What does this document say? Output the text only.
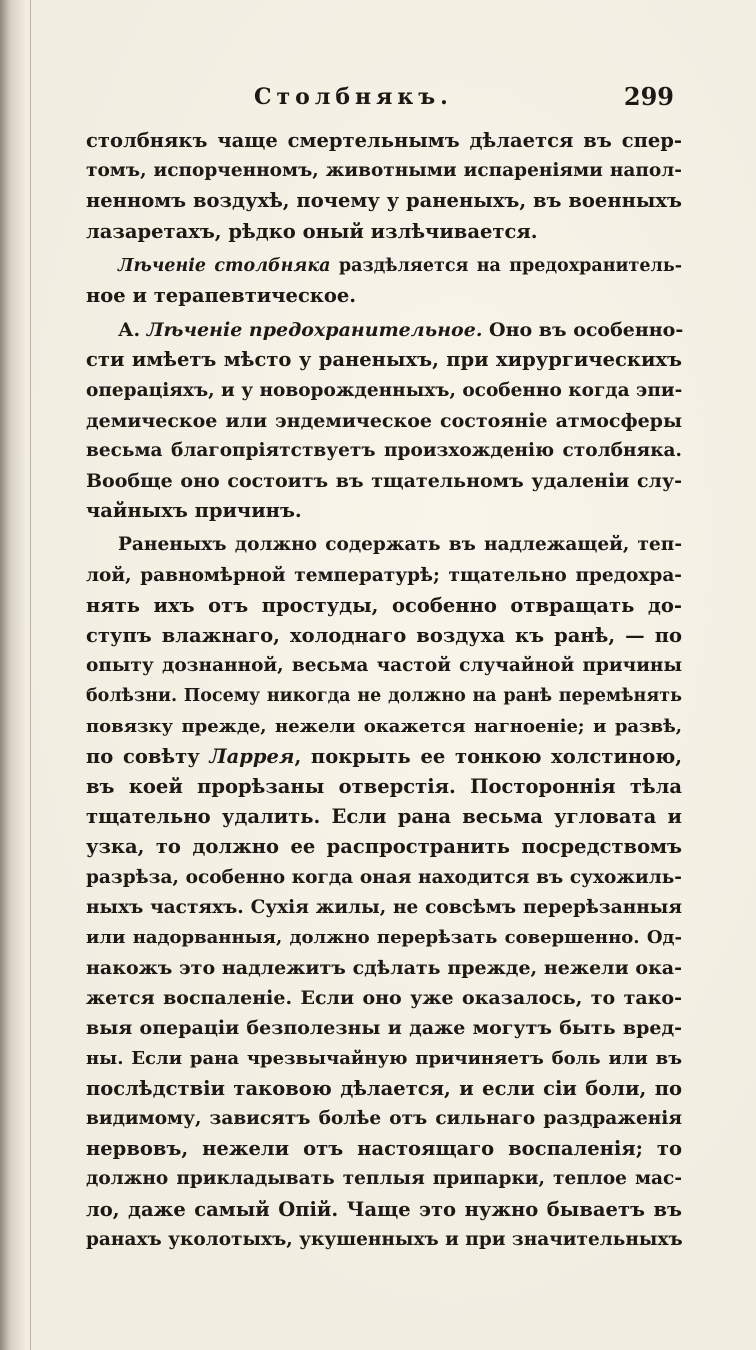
Столбнякъ.	299
столбнякъ чаще смертельнымъ дѣлается въ спер-
томъ, испорченномъ, животными испареніями напол-
ненномъ воздухѣ, почему у раненыхъ, въ военныхъ
лазаретахъ, рѣдко оный излѣчивается.
Лѣченіе столбняка раздѣляется на предохранитель-
ное и терапевтическое.
А. Лѣченіе предохранительное. Оно въ особенно-
сти имѣетъ мѣсто у раненыхъ, при хирургическихъ
операціяхъ, и у новорожденныхъ, особенно когда эпи-
демическое или эндемическое состояніе атмосферы
весьма благопріятствуетъ произхожденію столбняка.
Вообще оно состоитъ въ тщательномъ удаленіи слу-
чайныхъ причинъ.
Раненыхъ должно содержать въ надлежащей, теп-
лой, равномѣрной температурѣ; тщательно предохра-
нять ихъ отъ простуды, особенно отвращать до-
ступъ влажнаго, холоднаго воздуха къ ранѣ, — по
опыту дознанной, весьма частой случайной причины
болѣзни. Посему никогда не должно на ранѣ перемѣнять
повязку прежде, нежели окажется нагноеніе; и развѣ,
по совѣту Ларрея, покрыть ее тонкою холстиною,
въ коей прорѣзаны отверстія. Постороннія тѣла
тщательно удалить. Если рана весьма угловата и
узка, то должно ее распространить посредствомъ
разрѣза, особенно когда оная находится въ сухожиль-
ныхъ частяхъ. Сухія жилы, не совсѣмъ перерѣзанныя
или надорванныя, должно перерѣзать совершенно. Од-
накожъ это надлежитъ сдѣлать прежде, нежели ока-
жется воспаленіе. Если оно уже оказалось, то тако-
выя операціи безполезны и даже могутъ быть вред-
ны. Если рана чрезвычайную причиняетъ боль или въ
послѣдствіи таковою дѣлается, и если сіи боли, по
видимому, зависятъ болѣе отъ сильнаго раздраженія
нервовъ, нежели отъ настоящаго воспаленія; то
должно прикладывать теплыя припарки, теплое мас-
ло, даже самый Опій. Чаще это нужно бываетъ въ
ранахъ уколотыхъ, укушенныхъ и при значительныхъ
